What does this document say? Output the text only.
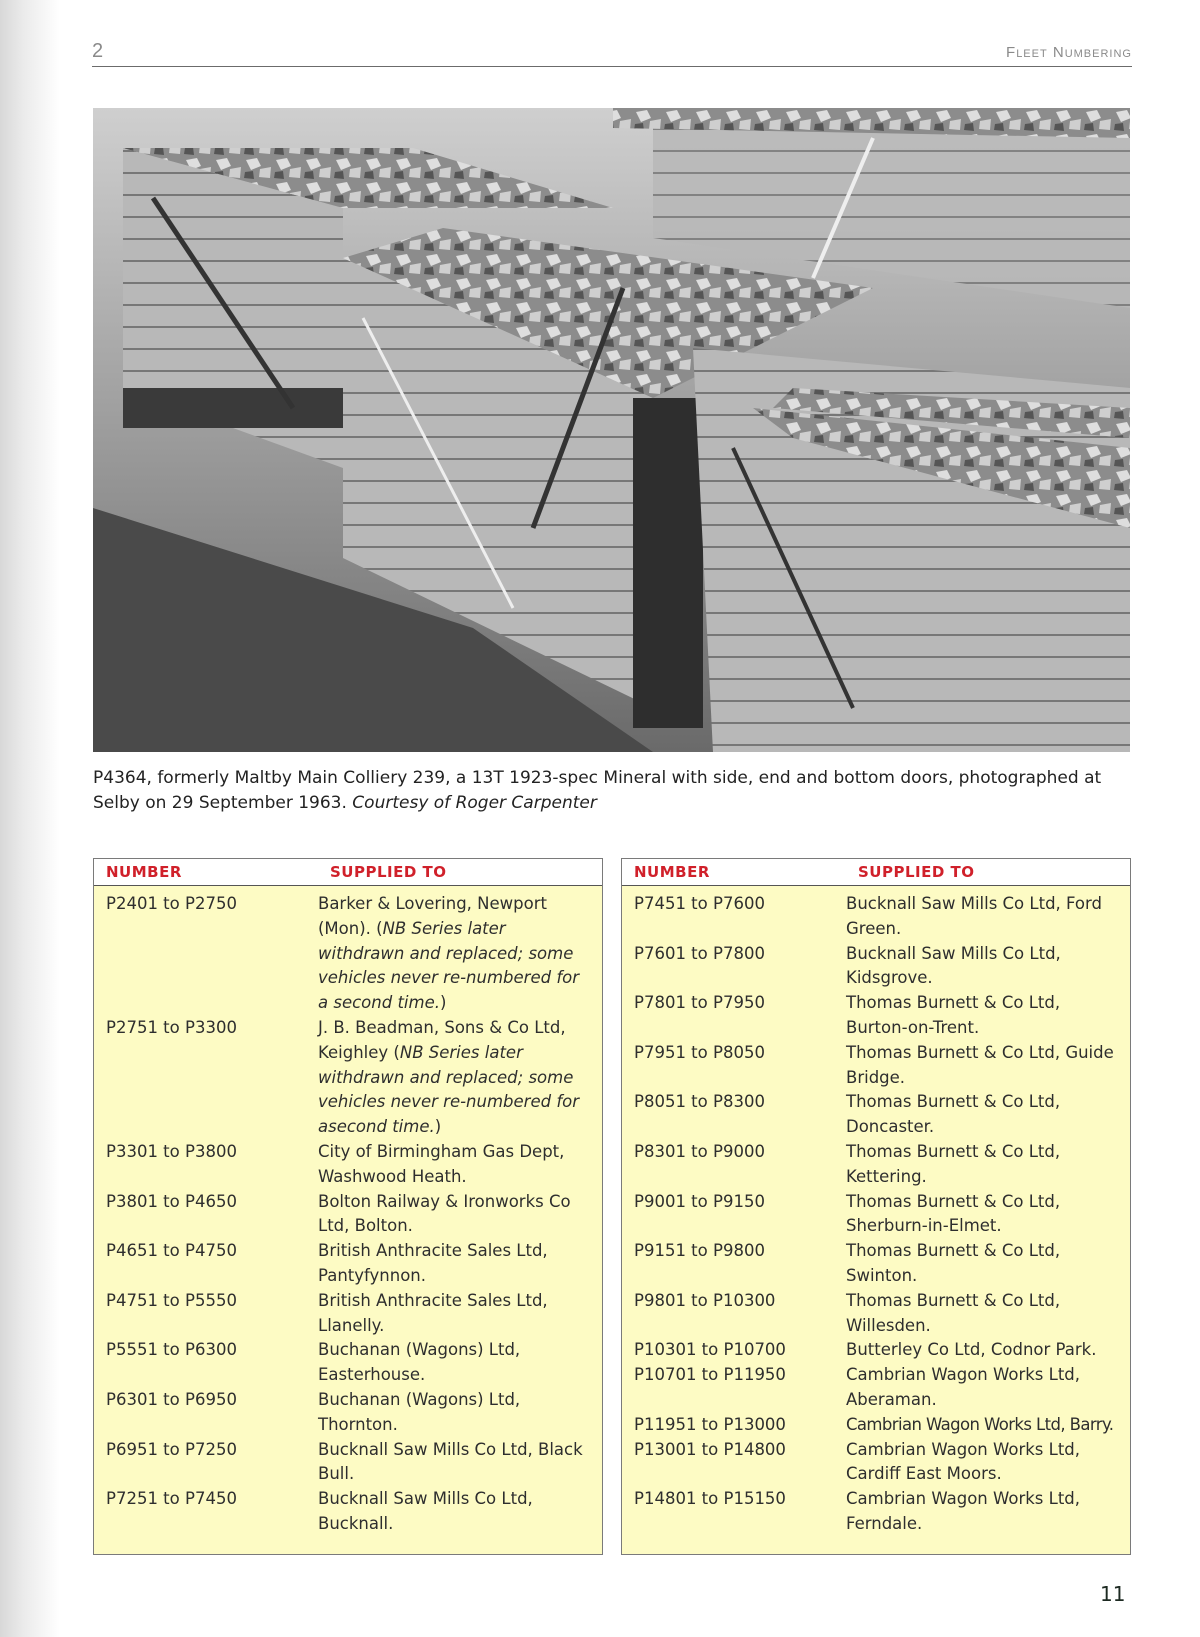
2	Fleet Numbering
P4364, formerly Maltby Main Colliery 239, a 13T 1923-spec Mineral with side, end and bottom doors, photographed at Selby on 29 September 1963. Courtesy of Roger Carpenter
NUMBER	SUPPLIED TO
P2401 to P2750	Barker & Lovering, Newport (Mon). (NB Series later withdrawn and replaced; some vehicles never re-numbered for a second time.)
P2751 to P3300	J. B. Beadman, Sons & Co Ltd, Keighley (NB Series later withdrawn and replaced; some vehicles never re-numbered for asecond time.)
P3301 to P3800	City of Birmingham Gas Dept, Washwood Heath.
P3801 to P4650	Bolton Railway & Ironworks Co Ltd, Bolton.
P4651 to P4750	British Anthracite Sales Ltd, Pantyfynnon.
P4751 to P5550	British Anthracite Sales Ltd, Llanelly.
P5551 to P6300	Buchanan (Wagons) Ltd, Easterhouse.
P6301 to P6950	Buchanan (Wagons) Ltd, Thornton.
P6951 to P7250	Bucknall Saw Mills Co Ltd, Black Bull.
P7251 to P7450	Bucknall Saw Mills Co Ltd, Bucknall.
NUMBER	SUPPLIED TO
P7451 to P7600	Bucknall Saw Mills Co Ltd, Ford Green.
P7601 to P7800	Bucknall Saw Mills Co Ltd, Kidsgrove.
P7801 to P7950	Thomas Burnett & Co Ltd, Burton-on-Trent.
P7951 to P8050	Thomas Burnett & Co Ltd, Guide Bridge.
P8051 to P8300	Thomas Burnett & Co Ltd, Doncaster.
P8301 to P9000	Thomas Burnett & Co Ltd, Kettering.
P9001 to P9150	Thomas Burnett & Co Ltd, Sherburn-in-Elmet.
P9151 to P9800	Thomas Burnett & Co Ltd, Swinton.
P9801 to P10300	Thomas Burnett & Co Ltd, Willesden.
P10301 to P10700	Butterley Co Ltd, Codnor Park.
P10701 to P11950	Cambrian Wagon Works Ltd, Aberaman.
P11951 to P13000	Cambrian Wagon Works Ltd, Barry.
P13001 to P14800	Cambrian Wagon Works Ltd, Cardiff East Moors.
P14801 to P15150	Cambrian Wagon Works Ltd, Ferndale.
11
